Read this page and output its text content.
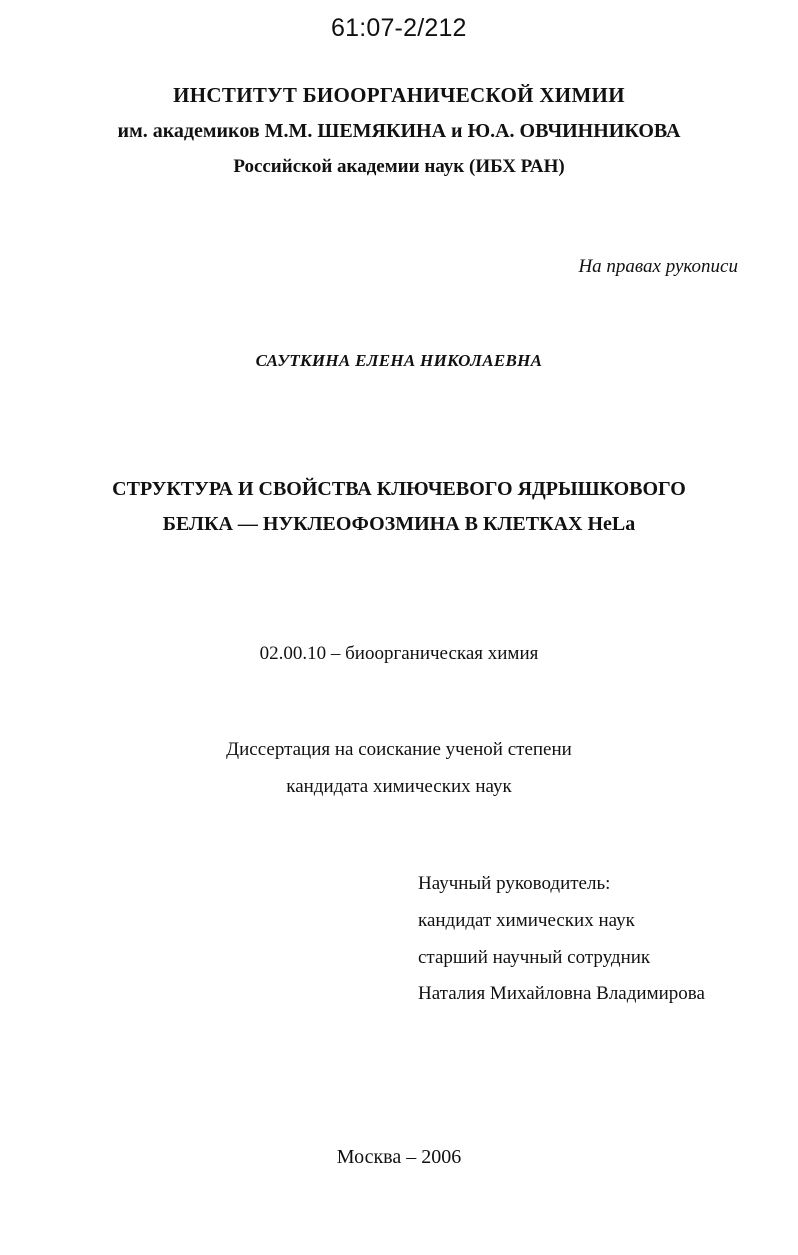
61:07-2/212
ИНСТИТУТ БИООРГАНИЧЕСКОЙ ХИМИИ
им. академиков М.М. ШЕМЯКИНА и Ю.А. ОВЧИННИКОВА
Российской академии наук (ИБХ РАН)
На правах рукописи
САУТКИНА ЕЛЕНА НИКОЛАЕВНА
СТРУКТУРА И СВОЙСТВА КЛЮЧЕВОГО ЯДРЫШКОВОГО
БЕЛКА — НУКЛЕОФОЗМИНА В КЛЕТКАХ HeLa
02.00.10 – биоорганическая химия
Диссертация на соискание ученой степени
кандидата химических наук
Научный руководитель:
кандидат химических наук
старший научный сотрудник
Наталия Михайловна Владимирова
Москва – 2006
